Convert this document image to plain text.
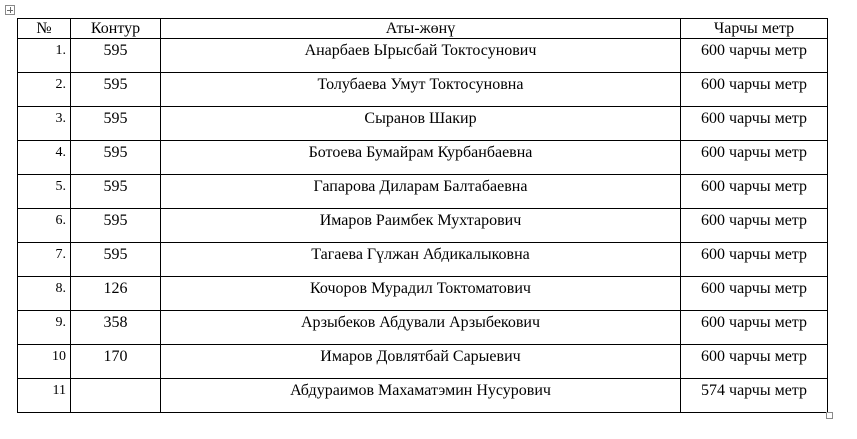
№	Контур	Аты-жөнү	Чарчы метр
1.	595	Анарбаев Ырысбай Токтосунович	600 чарчы метр
2.	595	Толубаева Умут Токтосуновна	600 чарчы метр
3.	595	Сыранов Шакир	600 чарчы метр
4.	595	Ботоева Бумайрам Курбанбаевна	600 чарчы метр
5.	595	Гапарова Диларам Балтабаевна	600 чарчы метр
6.	595	Имаров Раимбек Мухтарович	600 чарчы метр
7.	595	Тагаева Гүлжан Абдикалыковна	600 чарчы метр
8.	126	Кочоров Мурадил Токтоматович	600 чарчы метр
9.	358	Арзыбеков Абдували Арзыбекович	600 чарчы метр
10	170	Имаров Довлятбай Сарыевич	600 чарчы метр
11		Абдураимов Махаматэмин Нусурович	574 чарчы метр
